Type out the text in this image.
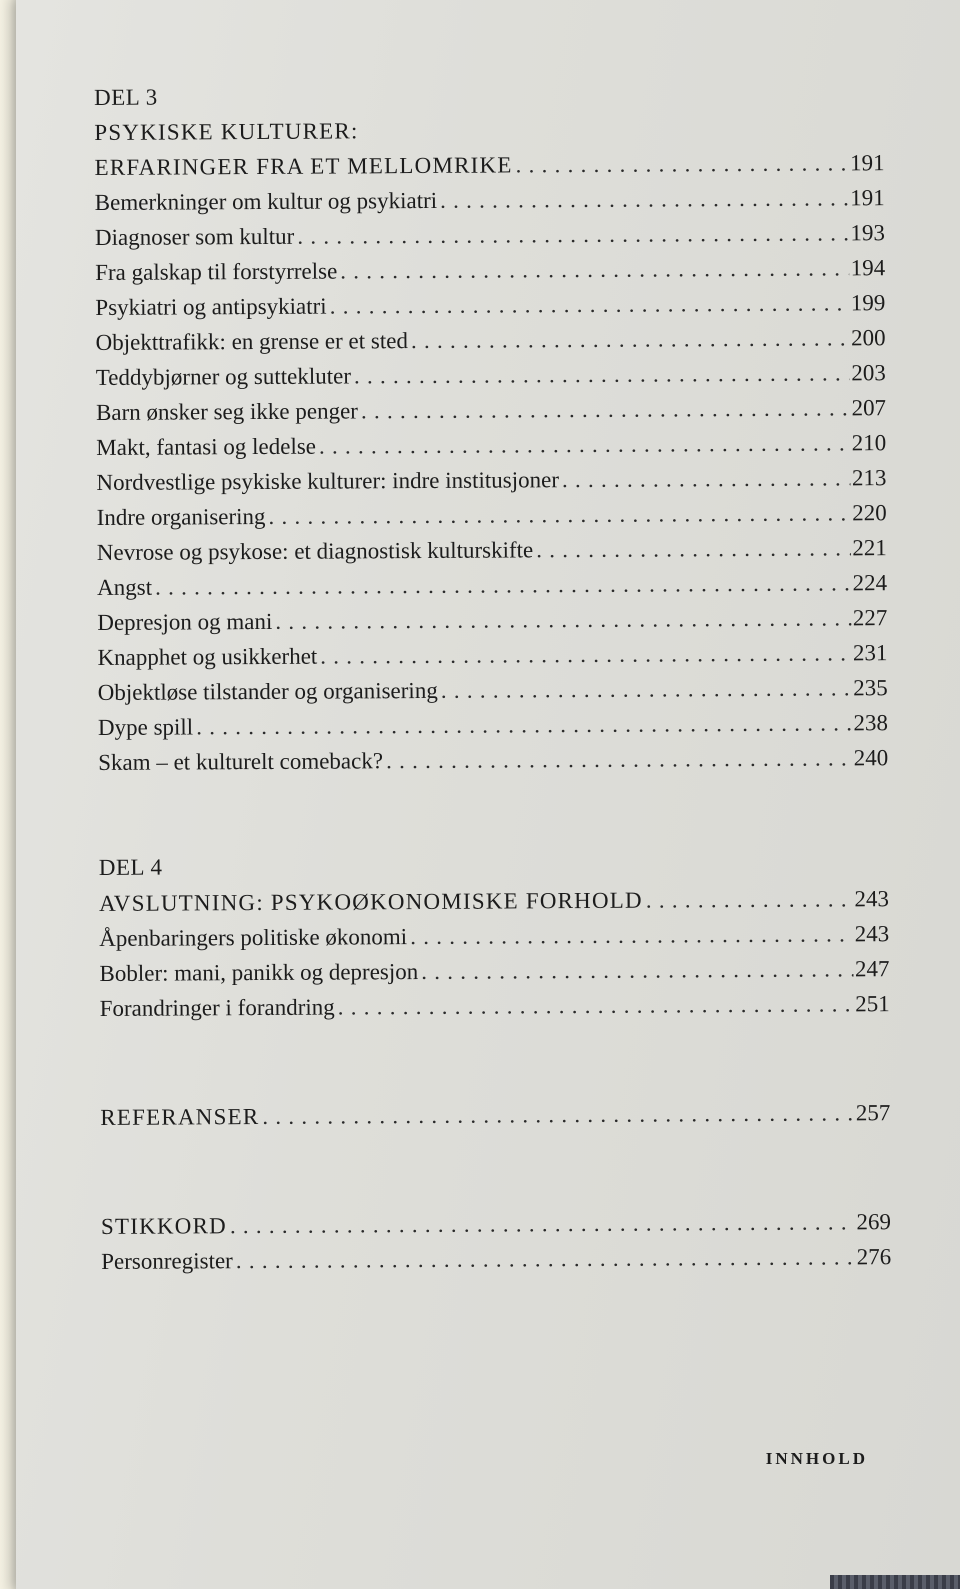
DEL 3
PSYKISKE KULTURER:
ERFARINGER FRA ET MELLOMRIKE . . .	191
Bemerkninger om kultur og psykiatri . . .	191
Diagnoser som kultur . . .	193
Fra galskap til forstyrrelse . . .	194
Psykiatri og antipsykiatri . . .	199
Objekttrafikk: en grense er et sted . . .	200
Teddybjørner og suttekluter . . .	203
Barn ønsker seg ikke penger . . .	207
Makt, fantasi og ledelse . . .	210
Nordvestlige psykiske kulturer: indre institusjoner . . .	213
Indre organisering . . .	220
Nevrose og psykose: et diagnostisk kulturskifte . . .	221
Angst . . .	224
Depresjon og mani . . .	227
Knapphet og usikkerhet . . .	231
Objektløse tilstander og organisering . . .	235
Dype spill . . .	238
Skam – et kulturelt comeback? . . .	240
DEL 4
AVSLUTNING: PSYKOØKONOMISKE FORHOLD . . .	243
Åpenbaringers politiske økonomi . . .	243
Bobler: mani, panikk og depresjon . . .	247
Forandringer i forandring . . .	251
REFERANSER . . .	257
STIKKORD . . .	269
Personregister . . .	276
INNHOLD
